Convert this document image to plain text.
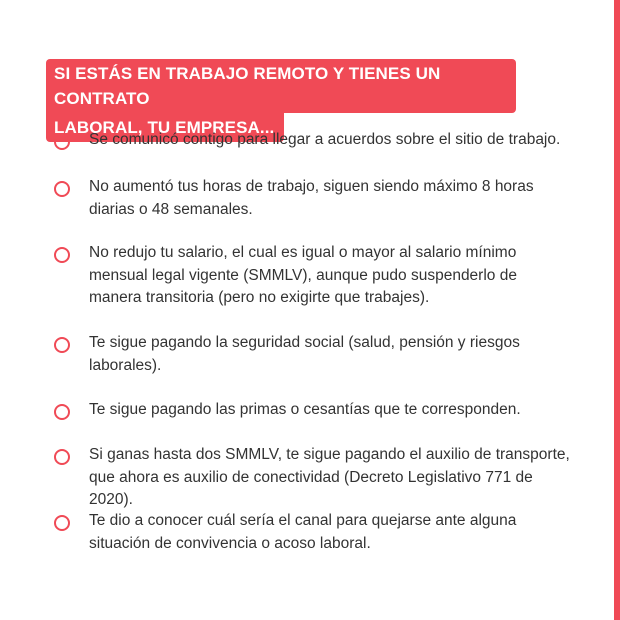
SI ESTÁS EN TRABAJO REMOTO Y TIENES UN CONTRATO
LABORAL, TU EMPRESA...
Se comunicó contigo para llegar a acuerdos sobre el sitio de trabajo.
No aumentó tus horas de trabajo, siguen siendo máximo 8 horas diarias o 48 semanales.
No redujo tu salario, el cual es igual o mayor al salario mínimo mensual legal vigente (SMMLV), aunque pudo suspenderlo de manera transitoria (pero no exigirte que trabajes).
Te sigue pagando la seguridad social (salud, pensión y riesgos laborales).
Te sigue pagando las primas o cesantías que te corresponden.
Si ganas hasta dos SMMLV, te sigue pagando el auxilio de transporte, que ahora es auxilio de conectividad (Decreto Legislativo 771 de 2020).
Te dio a conocer cuál sería el canal para quejarse ante alguna situación de convivencia o acoso laboral.
